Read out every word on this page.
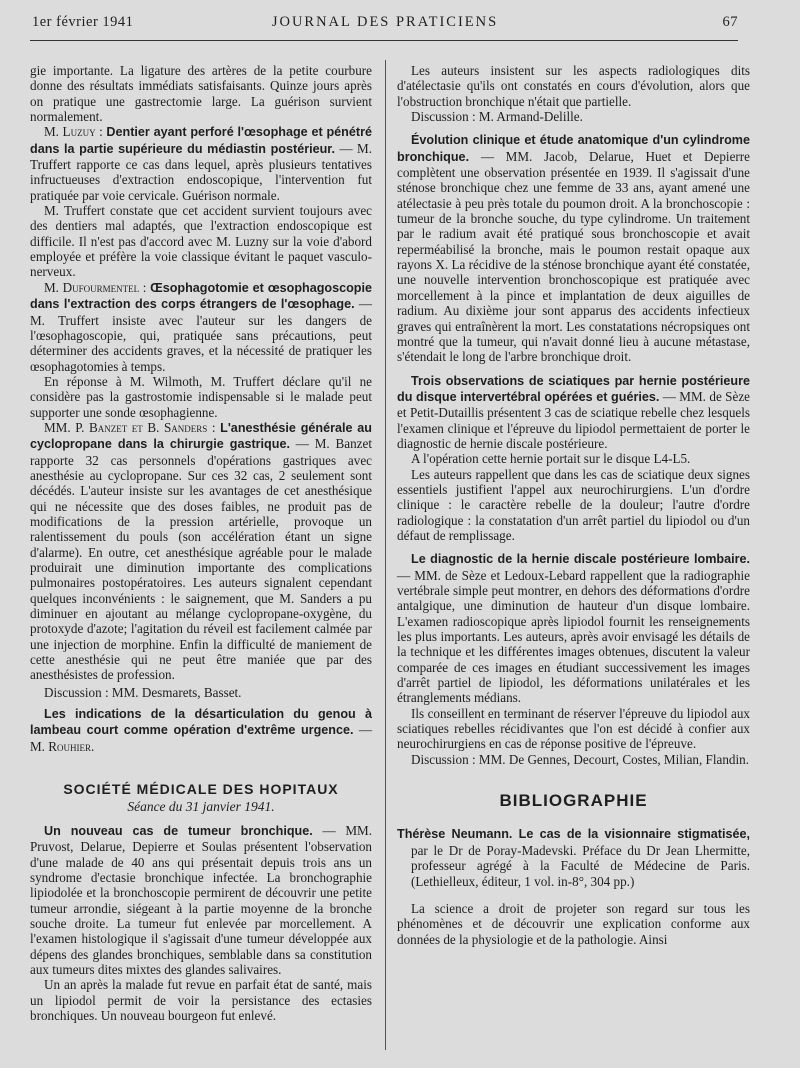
1er février 1941	JOURNAL DES PRATICIENS	67

gie importante. La ligature des artères de la petite courbure donne des résultats immédiats satisfaisants. Quinze jours après on pratique une gastrectomie large. La guérison survient normalement.

M. Luzuy : Dentier ayant perforé l'œsophage et pénétré dans la partie supérieure du médiastin postérieur. — M. Truffert rapporte ce cas dans lequel, après plusieurs tentatives infructueuses d'extraction endoscopique, l'intervention fut pratiquée par voie cervicale. Guérison normale.

M. Truffert constate que cet accident survient toujours avec des dentiers mal adaptés, que l'extraction endoscopique est difficile. Il n'est pas d'accord avec M. Luzny sur la voie d'abord employée et préfère la voie classique évitant le paquet vasculo-nerveux.

M. Dufourmentel : Œsophagotomie et œsophagoscopie dans l'extraction des corps étrangers de l'œsophage. — M. Truffert insiste avec l'auteur sur les dangers de l'œsophagoscopie, qui, pratiquée sans précautions, peut déterminer des accidents graves, et la nécessité de pratiquer les œsophagotomies à temps.

En réponse à M. Wilmoth, M. Truffert déclare qu'il ne considère pas la gastrostomie indispensable si le malade peut supporter une sonde œsophagienne.

MM. P. Banzet et B. Sanders : L'anesthésie générale au cyclopropane dans la chirurgie gastrique. — M. Banzet rapporte 32 cas personnels d'opérations gastriques avec anesthésie au cyclopropane. Sur ces 32 cas, 2 seulement sont décédés. L'auteur insiste sur les avantages de cet anesthésique qui ne nécessite que des doses faibles, ne produit pas de modifications de la pression artérielle, provoque un ralentissement du pouls (son accélération étant un signe d'alarme). En outre, cet anesthésique agréable pour le malade produirait une diminution importante des complications pulmonaires postopératoires. Les auteurs signalent cependant quelques inconvénients : le saignement, que M. Sanders a pu diminuer en ajoutant au mélange cyclopropane-oxygène, du protoxyde d'azote; l'agitation du réveil est facilement calmée par une injection de morphine. Enfin la difficulté de maniement de cette anesthésie qui ne peut être maniée que par des anesthésistes de profession.

Discussion : MM. Desmarets, Basset.

Les indications de la désarticulation du genou à lambeau court comme opération d'extrême urgence. — M. Rouhier.

SOCIÉTÉ MÉDICALE DES HOPITAUX

Séance du 31 janvier 1941.

Un nouveau cas de tumeur bronchique. — MM. Pruvost, Delarue, Depierre et Soulas présentent l'observation d'une malade de 40 ans qui présentait depuis trois ans un syndrome d'ectasie bronchique infectée. La bronchographie lipiodolée et la bronchoscopie permirent de découvrir une petite tumeur arrondie, siégeant à la partie moyenne de la bronche souche droite. La tumeur fut enlevée par morcellement. A l'examen histologique il s'agissait d'une tumeur développée aux dépens des glandes bronchiques, semblable dans sa constitution aux tumeurs dites mixtes des glandes salivaires.

Un an après la malade fut revue en parfait état de santé, mais un lipiodol permit de voir la persistance des ectasies bronchiques. Un nouveau bourgeon fut enlevé.

Les auteurs insistent sur les aspects radiologiques dits d'atélectasie qu'ils ont constatés en cours d'évolution, alors que l'obstruction bronchique n'était que partielle.

Discussion : M. Armand-Delille.

Évolution clinique et étude anatomique d'un cylindrome bronchique. — MM. Jacob, Delarue, Huet et Depierre complètent une observation présentée en 1939. Il s'agissait d'une sténose bronchique chez une femme de 33 ans, ayant amené une atélectasie à peu près totale du poumon droit. A la bronchoscopie : tumeur de la bronche souche, du type cylindrome. Un traitement par le radium avait été pratiqué sous bronchoscopie et avait reperméabilisé la bronche, mais le poumon restait opaque aux rayons X. La récidive de la sténose bronchique ayant été constatée, une nouvelle intervention bronchoscopique est pratiquée avec morcellement à la pince et implantation de deux aiguilles de radium. Au dixième jour sont apparus des accidents infectieux graves qui entraînèrent la mort. Les constatations nécropsiques ont montré que la tumeur, qui n'avait donné lieu à aucune métastase, s'étendait le long de l'arbre bronchique droit.

Trois observations de sciatiques par hernie postérieure du disque intervertébral opérées et guéries. — MM. de Sèze et Petit-Dutaillis présentent 3 cas de sciatique rebelle chez lesquels l'examen clinique et l'épreuve du lipiodol permettaient de porter le diagnostic de hernie discale postérieure.

A l'opération cette hernie portait sur le disque L4-L5.

Les auteurs rappellent que dans les cas de sciatique deux signes essentiels justifient l'appel aux neurochirurgiens. L'un d'ordre clinique : le caractère rebelle de la douleur; l'autre d'ordre radiologique : la constatation d'un arrêt partiel du lipiodol ou d'un défaut de remplissage.

Le diagnostic de la hernie discale postérieure lombaire. — MM. de Sèze et Ledoux-Lebard rappellent que la radiographie vertébrale simple peut montrer, en dehors des déformations d'ordre antalgique, une diminution de hauteur d'un disque lombaire. L'examen radioscopique après lipiodol fournit les renseignements les plus importants. Les auteurs, après avoir envisagé les détails de la technique et les différentes images obtenues, discutent la valeur comparée de ces images en étudiant successivement les images d'arrêt partiel de lipiodol, les déformations unilatérales et les étranglements médians.

Ils conseillent en terminant de réserver l'épreuve du lipiodol aux sciatiques rebelles récidivantes que l'on est décidé à confier aux neurochirurgiens en cas de réponse positive de l'épreuve.

Discussion : MM. De Gennes, Decourt, Costes, Milian, Flandin.

BIBLIOGRAPHIE

Thérèse Neumann. Le cas de la visionnaire stigmatisée, par le Dr de Poray-Madevski. Préface du Dr Jean Lhermitte, professeur agrégé à la Faculté de Médecine de Paris. (Lethielleux, éditeur, 1 vol. in-8°, 304 pp.)

La science a droit de projeter son regard sur tous les phénomènes et de découvrir une explication conforme aux données de la physiologie et de la pathologie. Ainsi
